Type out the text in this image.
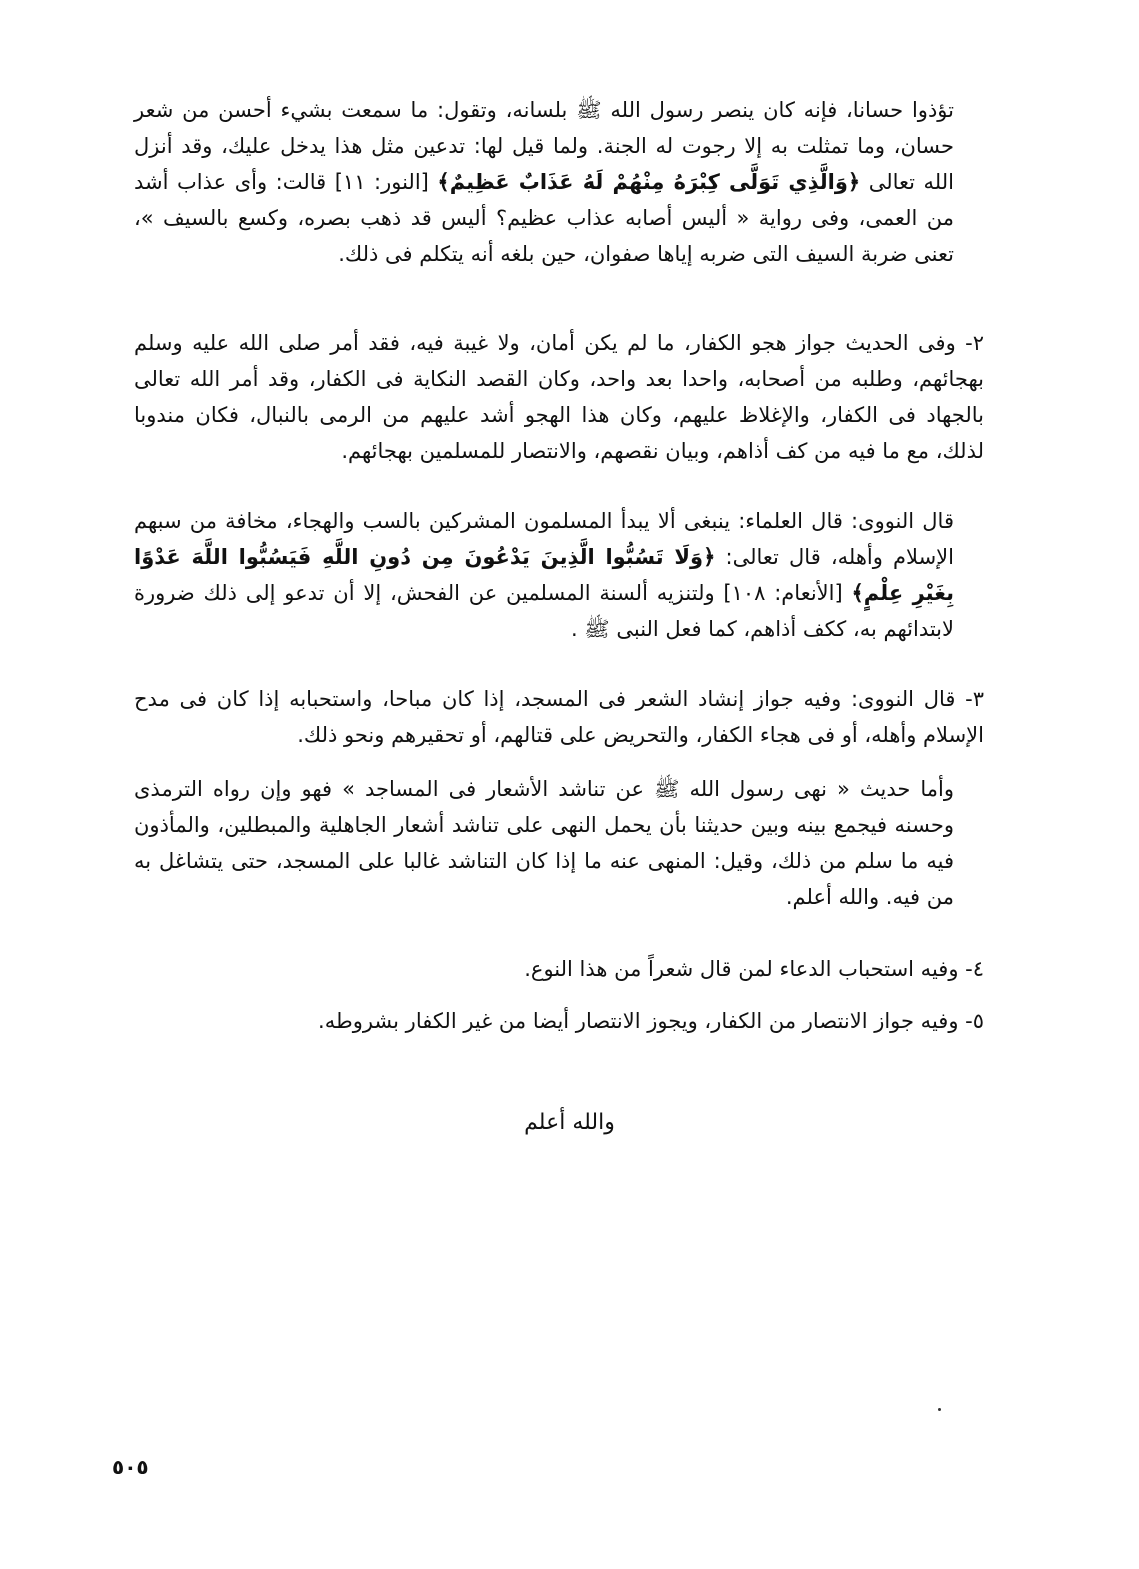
تؤذوا حسانا، فإنه كان ينصر رسول الله ﷺ بلسانه، وتقول: ما سمعت بشيء أحسن من شعر حسان، وما تمثلت به إلا رجوت له الجنة. ولما قيل لها: تدعين مثل هذا يدخل عليك، وقد أنزل الله تعالى ﴿وَالَّذِي تَوَلَّى كِبْرَهُ مِنْهُمْ لَهُ عَذَابٌ عَظِيمٌ﴾ [النور: ١١] قالت: وأى عذاب أشد من العمى، وفى رواية « أليس أصابه عذاب عظيم؟ أليس قد ذهب بصره، وكسع بالسيف »، تعنى ضربة السيف التى ضربه إياها صفوان، حين بلغه أنه يتكلم فى ذلك.

٢- وفى الحديث جواز هجو الكفار، ما لم يكن أمان، ولا غيبة فيه، فقد أمر صلى الله عليه وسلم بهجائهم، وطلبه من أصحابه، واحدا بعد واحد، وكان القصد النكاية فى الكفار، وقد أمر الله تعالى بالجهاد فى الكفار، والإغلاظ عليهم، وكان هذا الهجو أشد عليهم من الرمى بالنبال، فكان مندوبا لذلك، مع ما فيه من كف أذاهم، وبيان نقصهم، والانتصار للمسلمين بهجائهم.

قال النووى: قال العلماء: ينبغى ألا يبدأ المسلمون المشركين بالسب والهجاء، مخافة من سبهم الإسلام وأهله، قال تعالى: ﴿وَلَا تَسُبُّوا الَّذِينَ يَدْعُونَ مِن دُونِ اللَّهِ فَيَسُبُّوا اللَّهَ عَدْوًا بِغَيْرِ عِلْمٍ﴾ [الأنعام: ١٠٨] ولتنزيه ألسنة المسلمين عن الفحش، إلا أن تدعو إلى ذلك ضرورة لابتدائهم به، ككف أذاهم، كما فعل النبى ﷺ .

٣- قال النووى: وفيه جواز إنشاد الشعر فى المسجد، إذا كان مباحا، واستحبابه إذا كان فى مدح الإسلام وأهله، أو فى هجاء الكفار، والتحريض على قتالهم، أو تحقيرهم ونحو ذلك.

وأما حديث « نهى رسول الله ﷺ عن تناشد الأشعار فى المساجد » فهو وإن رواه الترمذى وحسنه فيجمع بينه وبين حديثنا بأن يحمل النهى على تناشد أشعار الجاهلية والمبطلين، والمأذون فيه ما سلم من ذلك، وقيل: المنهى عنه ما إذا كان التناشد غالبا على المسجد، حتى يتشاغل به من فيه. والله أعلم.

٤- وفيه استحباب الدعاء لمن قال شعراً من هذا النوع.

٥- وفيه جواز الانتصار من الكفار، ويجوز الانتصار أيضا من غير الكفار بشروطه.

والله أعلم
٥٠٥
